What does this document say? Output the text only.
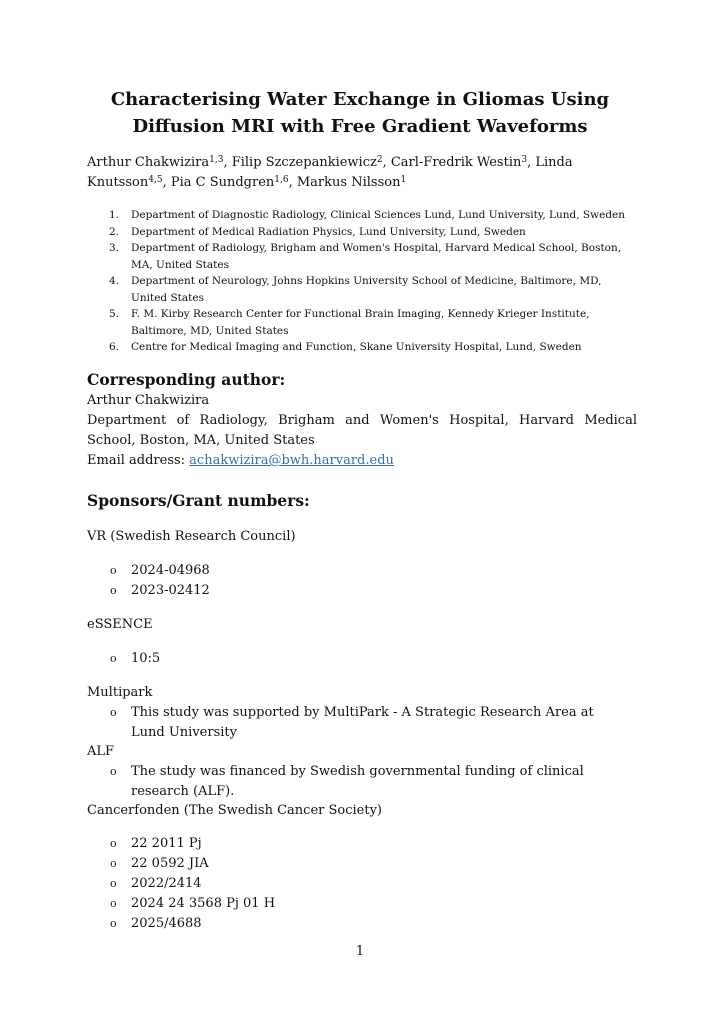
Characterising Water Exchange in Gliomas Using Diffusion MRI with Free Gradient Waveforms
Arthur Chakwizira$^{1,3}$, Filip Szczepankiewicz$^2$, Carl-Fredrik Westin$^3$, Linda Knutsson$^{4,5}$, Pia C Sundgren$^{1,6}$, Markus Nilsson$^1$
1. Department of Diagnostic Radiology, Clinical Sciences Lund, Lund University, Lund, Sweden
2. Department of Medical Radiation Physics, Lund University, Lund, Sweden
3. Department of Radiology, Brigham and Women's Hospital, Harvard Medical School, Boston, MA, United States
4. Department of Neurology, Johns Hopkins University School of Medicine, Baltimore, MD, United States
5. F. M. Kirby Research Center for Functional Brain Imaging, Kennedy Krieger Institute, Baltimore, MD, United States
6. Centre for Medical Imaging and Function, Skane University Hospital, Lund, Sweden
Corresponding author:
Arthur Chakwizira
Department of Radiology, Brigham and Women's Hospital, Harvard Medical School, Boston, MA, United States
Email address: achakwizira@bwh.harvard.edu
Sponsors/Grant numbers:
VR (Swedish Research Council)
o 2024-04968
o 2023-02412
eSSENCE
o 10:5
Multipark
o This study was supported by MultiPark - A Strategic Research Area at Lund University
ALF
o The study was financed by Swedish governmental funding of clinical research (ALF).
Cancerfonden (The Swedish Cancer Society)
o 22 2011 Pj
o 22 0592 JIA
o 2022/2414
o 2024 24 3568 Pj 01 H
o 2025/4688
1
